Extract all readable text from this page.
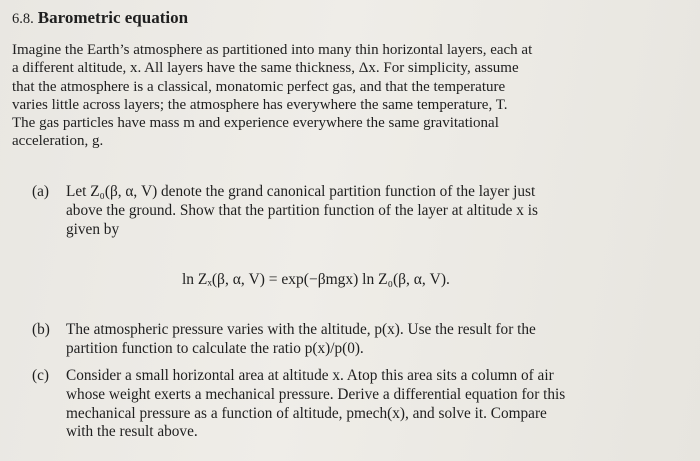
6.8. Barometric equation
Imagine the Earth’s atmosphere as partitioned into many thin horizontal layers, each at
a different altitude, x. All layers have the same thickness, Δx. For simplicity, assume
that the atmosphere is a classical, monatomic perfect gas, and that the temperature
varies little across layers; the atmosphere has everywhere the same temperature, T.
The gas particles have mass m and experience everywhere the same gravitational
acceleration, g.
(a) Let Z₀(β, α, V) denote the grand canonical partition function of the layer just
above the ground. Show that the partition function of the layer at altitude x is
given by
ln Zₓ(β, α, V) = exp(−βmgx) ln Z₀(β, α, V).
(b) The atmospheric pressure varies with the altitude, p(x). Use the result for the
partition function to calculate the ratio p(x)/p(0).
(c) Consider a small horizontal area at altitude x. Atop this area sits a column of air
whose weight exerts a mechanical pressure. Derive a differential equation for this
mechanical pressure as a function of altitude, pmech(x), and solve it. Compare
with the result above.
